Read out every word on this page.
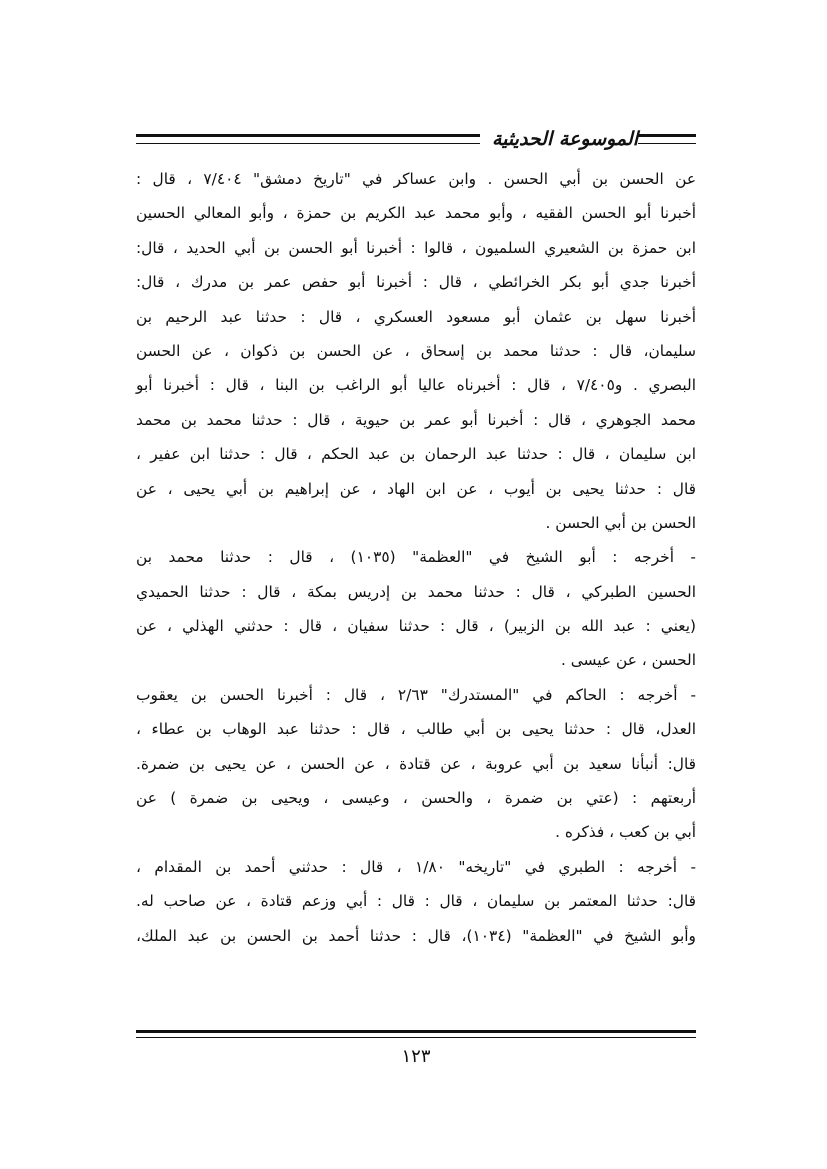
الموسوعة الحديثية
عن الحسن بن أبي الحسن . وابن عساكر في "تاريخ دمشق" ٧/٤٠٤ ، قال :
أخبرنا أبو الحسن الفقيه ، وأبو محمد عبد الكريم بن حمزة ، وأبو المعالي الحسين
ابن حمزة بن الشعيري السلميون ، قالوا : أخبرنا أبو الحسن بن أبي الحديد ، قال:
أخبرنا جدي أبو بكر الخرائطي ، قال : أخبرنا أبو حفص عمر بن مدرك ، قال:
أخبرنا سهل بن عثمان أبو مسعود العسكري ، قال : حدثنا عبد الرحيم بن
سليمان، قال : حدثنا محمد بن إسحاق ، عن الحسن بن ذكوان ، عن الحسن
البصري . و٧/٤٠٥ ، قال : أخبرناه عاليا أبو الراغب بن البنا ، قال : أخبرنا أبو
محمد الجوهري ، قال : أخبرنا أبو عمر بن حيوية ، قال : حدثنا محمد بن محمد
ابن سليمان ، قال : حدثنا عبد الرحمان بن عبد الحكم ، قال : حدثنا ابن عفير ،
قال : حدثنا يحيى بن أيوب ، عن ابن الهاد ، عن إبراهيم بن أبي يحيى ، عن
الحسن بن أبي الحسن .
- أخرجه : أبو الشيخ في "العظمة" (١٠٣٥) ، قال : حدثنا محمد بن
الحسين الطبركي ، قال : حدثنا محمد بن إدريس بمكة ، قال : حدثنا الحميدي
(يعني : عبد الله بن الزبير) ، قال : حدثنا سفيان ، قال : حدثني الهذلي ، عن
الحسن ، عن عيسى .
- أخرجه : الحاكم في "المستدرك" ٢/٦٣ ، قال : أخبرنا الحسن بن يعقوب
العدل، قال : حدثنا يحيى بن أبي طالب ، قال : حدثنا عبد الوهاب بن عطاء ،
قال: أنبأنا سعيد بن أبي عروبة ، عن قتادة ، عن الحسن ، عن يحيى بن ضمرة.
أربعتهم : (عتي بن ضمرة ، والحسن ، وعيسى ، ويحيى بن ضمرة ) عن
أبي بن كعب ، فذكره .
- أخرجه : الطبري في "تاريخه" ١/٨٠ ، قال : حدثني أحمد بن المقدام ،
قال: حدثنا المعتمر بن سليمان ، قال : قال : أبي وزعم قتادة ، عن صاحب له.
وأبو الشيخ في "العظمة" (١٠٣٤)، قال : حدثنا أحمد بن الحسن بن عبد الملك،
١٢٣
